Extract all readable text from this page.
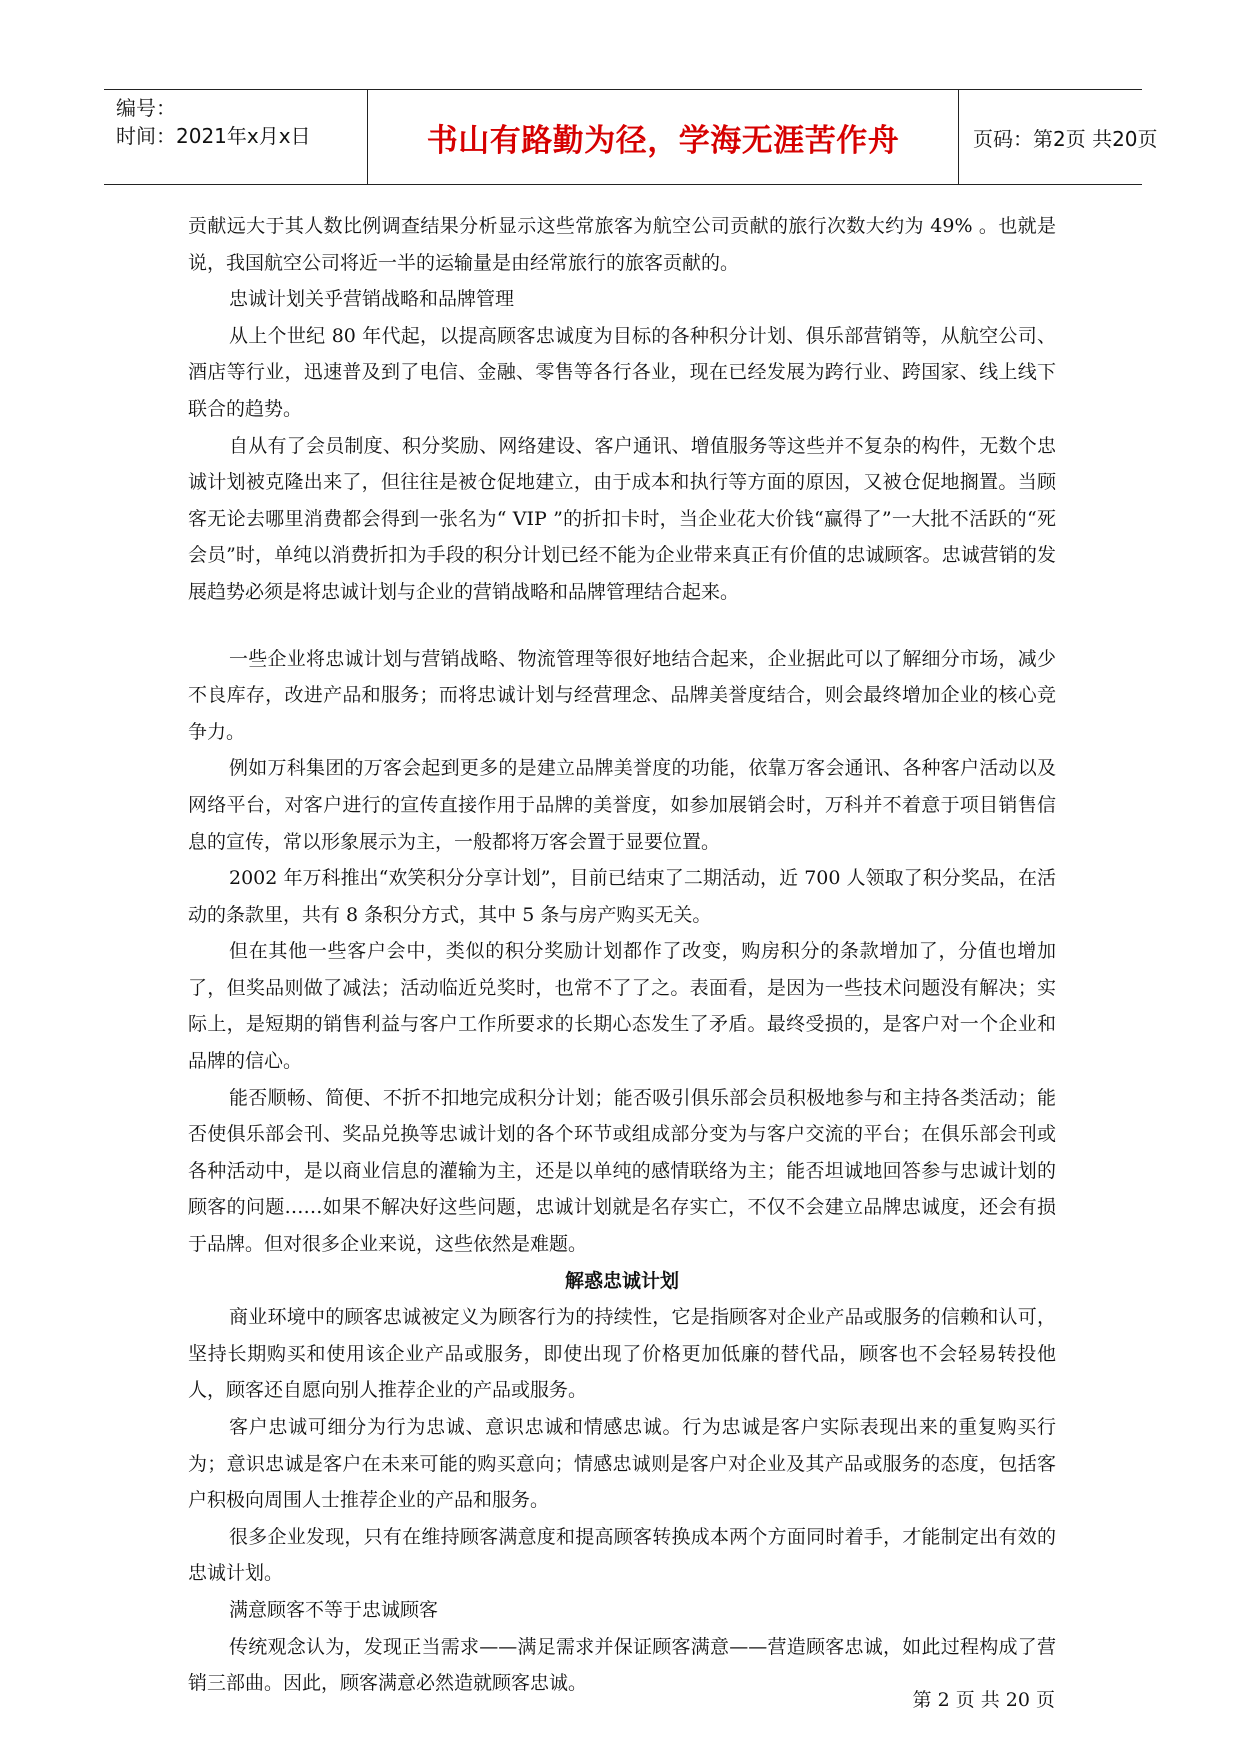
编号：
时间：2021年x月x日	书山有路勤为径，学海无涯苦作舟	页码：第2页 共20页

贡献远大于其人数比例调查结果分析显示这些常旅客为航空公司贡献的旅行次数大约为 49% 。也就是说，我国航空公司将近一半的运输量是由经常旅行的旅客贡献的。

忠诚计划关乎营销战略和品牌管理

从上个世纪 80 年代起，以提高顾客忠诚度为目标的各种积分计划、俱乐部营销等，从航空公司、酒店等行业，迅速普及到了电信、金融、零售等各行各业，现在已经发展为跨行业、跨国家、线上线下联合的趋势。

自从有了会员制度、积分奖励、网络建设、客户通讯、增值服务等这些并不复杂的构件，无数个忠诚计划被克隆出来了，但往往是被仓促地建立，由于成本和执行等方面的原因，又被仓促地搁置。当顾客无论去哪里消费都会得到一张名为“ VIP ”的折扣卡时，当企业花大价钱“赢得了”一大批不活跃的“死会员”时，单纯以消费折扣为手段的积分计划已经不能为企业带来真正有价值的忠诚顾客。忠诚营销的发展趋势必须是将忠诚计划与企业的营销战略和品牌管理结合起来。

一些企业将忠诚计划与营销战略、物流管理等很好地结合起来，企业据此可以了解细分市场，减少不良库存，改进产品和服务；而将忠诚计划与经营理念、品牌美誉度结合，则会最终增加企业的核心竞争力。

例如万科集团的万客会起到更多的是建立品牌美誉度的功能，依靠万客会通讯、各种客户活动以及网络平台，对客户进行的宣传直接作用于品牌的美誉度，如参加展销会时，万科并不着意于项目销售信息的宣传，常以形象展示为主，一般都将万客会置于显要位置。

2002 年万科推出“欢笑积分分享计划”，目前已结束了二期活动，近 700 人领取了积分奖品，在活动的条款里，共有 8 条积分方式，其中 5 条与房产购买无关。

但在其他一些客户会中，类似的积分奖励计划都作了改变，购房积分的条款增加了，分值也增加了，但奖品则做了减法；活动临近兑奖时，也常不了了之。表面看，是因为一些技术问题没有解决；实际上，是短期的销售利益与客户工作所要求的长期心态发生了矛盾。最终受损的，是客户对一个企业和品牌的信心。

能否顺畅、简便、不折不扣地完成积分计划；能否吸引俱乐部会员积极地参与和主持各类活动；能否使俱乐部会刊、奖品兑换等忠诚计划的各个环节或组成部分变为与客户交流的平台；在俱乐部会刊或各种活动中，是以商业信息的灌输为主，还是以单纯的感情联络为主；能否坦诚地回答参与忠诚计划的顾客的问题……如果不解决好这些问题，忠诚计划就是名存实亡，不仅不会建立品牌忠诚度，还会有损于品牌。但对很多企业来说，这些依然是难题。

解惑忠诚计划

商业环境中的顾客忠诚被定义为顾客行为的持续性，它是指顾客对企业产品或服务的信赖和认可，坚持长期购买和使用该企业产品或服务，即使出现了价格更加低廉的替代品，顾客也不会轻易转投他人，顾客还自愿向别人推荐企业的产品或服务。

客户忠诚可细分为行为忠诚、意识忠诚和情感忠诚。行为忠诚是客户实际表现出来的重复购买行为；意识忠诚是客户在未来可能的购买意向；情感忠诚则是客户对企业及其产品或服务的态度，包括客户积极向周围人士推荐企业的产品和服务。

很多企业发现，只有在维持顾客满意度和提高顾客转换成本两个方面同时着手，才能制定出有效的忠诚计划。

满意顾客不等于忠诚顾客

传统观念认为，发现正当需求——满足需求并保证顾客满意——营造顾客忠诚，如此过程构成了营销三部曲。因此，顾客满意必然造就顾客忠诚。

第 2 页 共 20 页
